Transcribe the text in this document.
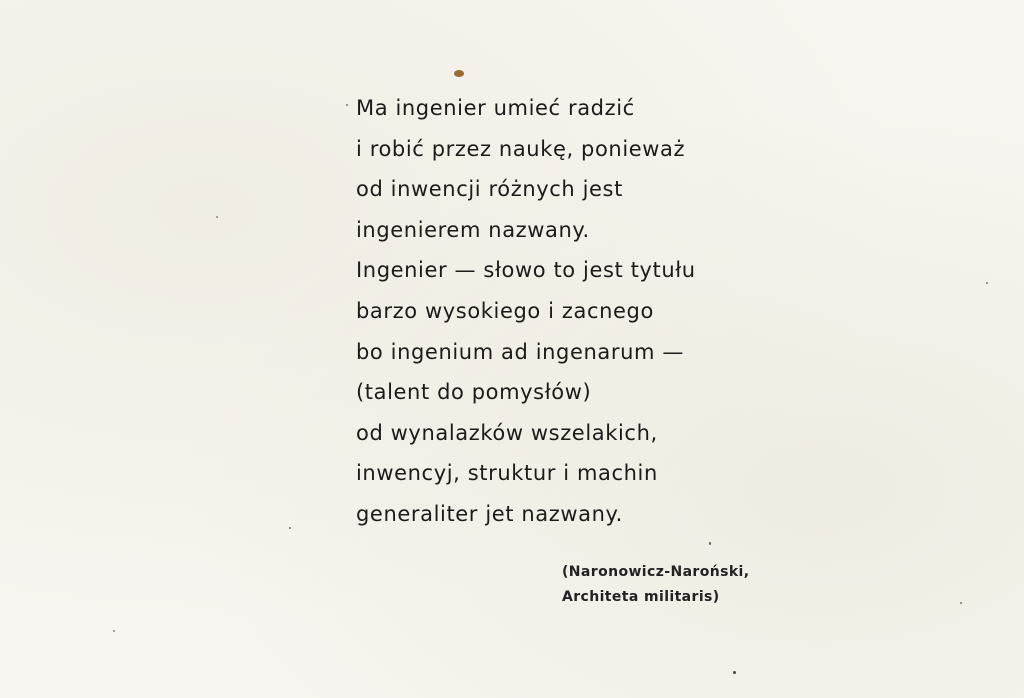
Ma ingenier umieć radzić
i robić przez naukę, ponieważ
od inwencji różnych jest
ingenierem nazwany.
Ingenier — słowo to jest tytułu
barzo wysokiego i zacnego
bo ingenium ad ingenarum —
(talent do pomysłów)
od wynalazków wszelakich,
inwencyj, struktur i machin
generaliter jet nazwany.
(Naronowicz-Naroński,
Architeta militaris)
